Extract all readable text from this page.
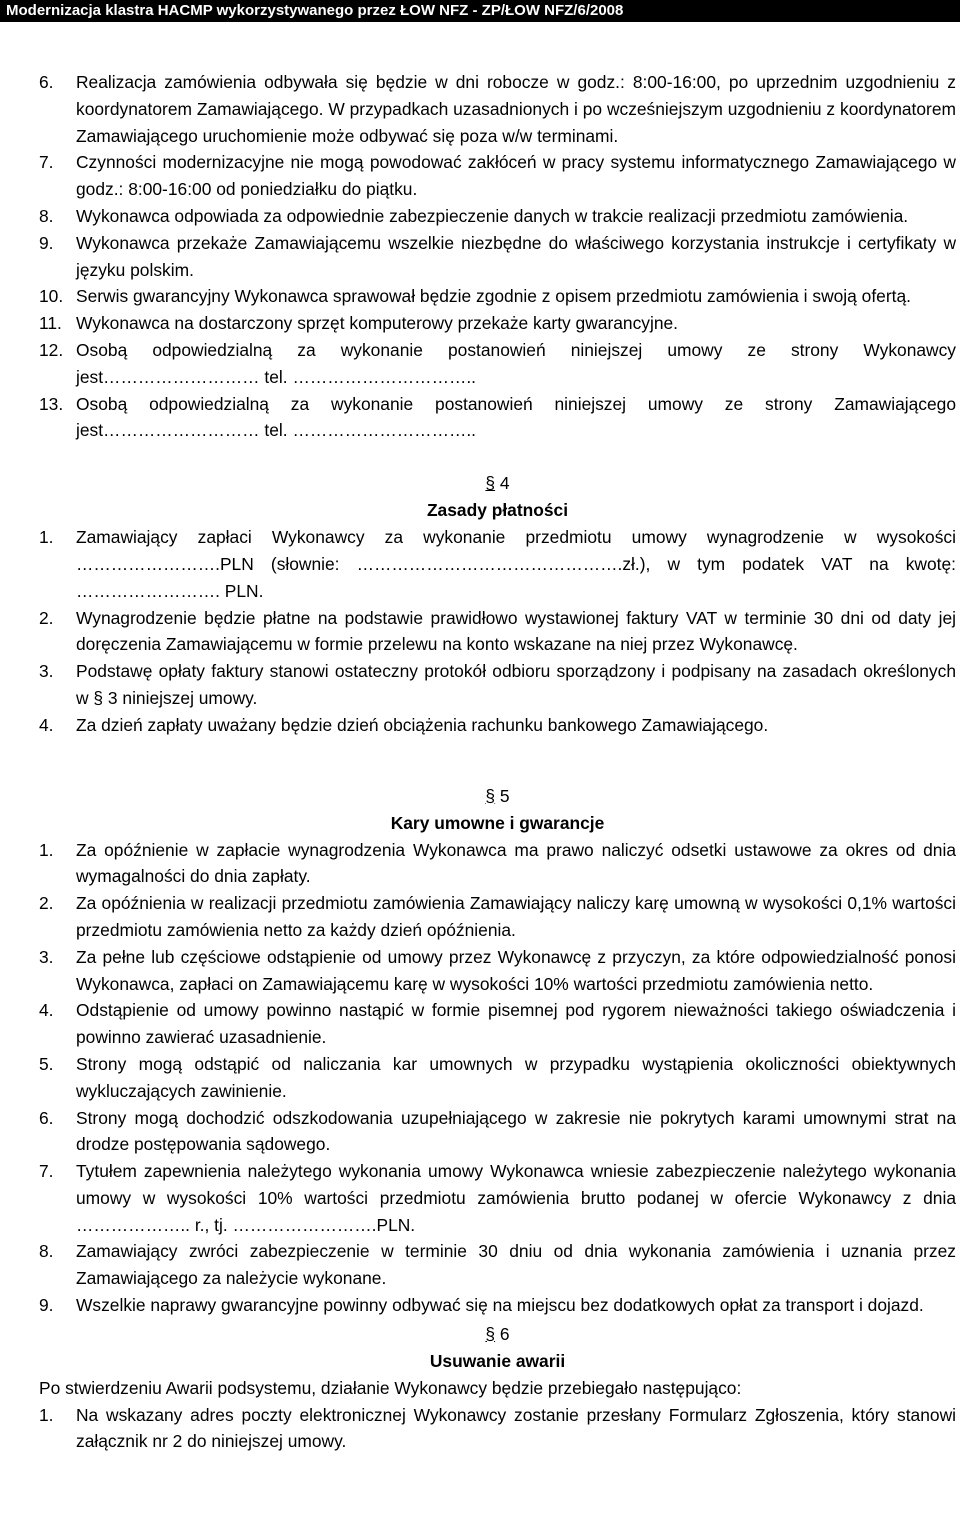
Modernizacja klastra HACMP wykorzystywanego przez ŁOW NFZ - ZP/ŁOW NFZ/6/2008
6. Realizacja zamówienia odbywała się będzie w dni robocze w godz.: 8:00-16:00, po uprzednim uzgodnieniu z koordynatorem Zamawiającego. W przypadkach uzasadnionych i po wcześniejszym uzgodnieniu z koordynatorem Zamawiającego uruchomienie może odbywać się poza w/w terminami.
7. Czynności modernizacyjne nie mogą powodować zakłóceń w pracy systemu informatycznego Zamawiającego w godz.: 8:00-16:00 od poniedziałku do piątku.
8. Wykonawca odpowiada za odpowiednie zabezpieczenie danych w trakcie realizacji przedmiotu zamówienia.
9. Wykonawca przekaże Zamawiającemu wszelkie niezbędne do właściwego korzystania instrukcje i certyfikaty w języku polskim.
10. Serwis gwarancyjny Wykonawca sprawował będzie zgodnie z opisem przedmiotu zamówienia i swoją ofertą.
11. Wykonawca na dostarczony sprzęt komputerowy przekaże karty gwarancyjne.
12. Osobą odpowiedzialną za wykonanie postanowień niniejszej umowy ze strony Wykonawcy jest……………………… tel. …………………………..
13. Osobą odpowiedzialną za wykonanie postanowień niniejszej umowy ze strony Zamawiającego jest……………………… tel. …………………………..
§ 4
Zasady płatności
1. Zamawiający zapłaci Wykonawcy za wykonanie przedmiotu umowy wynagrodzenie w wysokości …………………….PLN (słownie: ……………………………………….zł.), w tym podatek VAT na kwotę: ……………………. PLN.
2. Wynagrodzenie będzie płatne na podstawie prawidłowo wystawionej faktury VAT w terminie 30 dni od daty jej doręczenia Zamawiającemu w formie przelewu na konto wskazane na niej przez Wykonawcę.
3. Podstawę opłaty faktury stanowi ostateczny protokół odbioru sporządzony i podpisany na zasadach określonych w § 3 niniejszej umowy.
4. Za dzień zapłaty uważany będzie dzień obciążenia rachunku bankowego Zamawiającego.
§ 5
Kary umowne i gwarancje
1. Za opóźnienie w zapłacie wynagrodzenia Wykonawca ma prawo naliczyć odsetki ustawowe za okres od dnia wymagalności do dnia zapłaty.
2. Za opóźnienia w realizacji przedmiotu zamówienia Zamawiający naliczy karę umowną w wysokości 0,1% wartości przedmiotu zamówienia netto za każdy dzień opóźnienia.
3. Za pełne lub częściowe odstąpienie od umowy przez Wykonawcę z przyczyn, za które odpowiedzialność ponosi Wykonawca, zapłaci on Zamawiającemu karę w wysokości 10% wartości przedmiotu zamówienia netto.
4. Odstąpienie od umowy powinno nastąpić w formie pisemnej pod rygorem nieważności takiego oświadczenia i powinno zawierać uzasadnienie.
5. Strony mogą odstąpić od naliczania kar umownych w przypadku wystąpienia okoliczności obiektywnych wykluczających zawinienie.
6. Strony mogą dochodzić odszkodowania uzupełniającego w zakresie nie pokrytych karami umownymi strat na drodze postępowania sądowego.
7. Tytułem zapewnienia należytego wykonania umowy Wykonawca wniesie zabezpieczenie należytego wykonania umowy w wysokości 10% wartości przedmiotu zamówienia brutto podanej w ofercie Wykonawcy z dnia ……………….. r., tj. …………………….PLN.
8. Zamawiający zwróci zabezpieczenie w terminie 30 dniu od dnia wykonania zamówienia i uznania przez Zamawiającego za należycie wykonane.
9. Wszelkie naprawy gwarancyjne powinny odbywać się na miejscu bez dodatkowych opłat za transport i dojazd.
§ 6
Usuwanie awarii
Po stwierdzeniu Awarii podsystemu, działanie Wykonawcy będzie przebiegało następująco:
1. Na wskazany adres poczty elektronicznej Wykonawcy zostanie przesłany Formularz Zgłoszenia, który stanowi załącznik nr 2 do niniejszej umowy.
